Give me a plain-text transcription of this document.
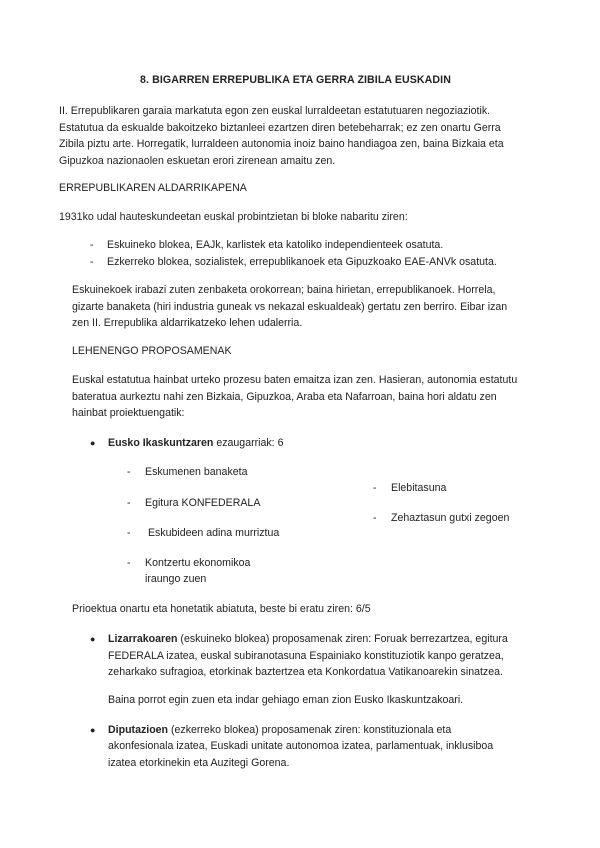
8. BIGARREN ERREPUBLIKA ETA GERRA ZIBILA EUSKADIN
II. Errepublikaren garaia markatuta egon zen euskal lurraldeetan estatutuaren negoziaziotik.
Estatutua da eskualde bakoitzeko biztanleei ezartzen diren betebeharrak; ez zen onartu Gerra
Zibila piztu arte. Horregatik, lurraldeen autonomia inoiz baino handiagoa zen, baina Bizkaia eta
Gipuzkoa nazionaolen eskuetan erori zirenean amaitu zen.
ERREPUBLIKAREN ALDARRIKAPENA
1931ko udal hauteskundeetan euskal probintzietan bi bloke nabaritu ziren:
- Eskuineko blokea, EAJk, karlistek eta katoliko independienteek osatuta.
- Ezkerreko blokea, sozialistek, errepublikanoek eta Gipuzkoako EAE-ANVk osatuta.
Eskuinekoek irabazi zuten zenbaketa orokorrean; baina hirietan, errepublikanoek. Horrela,
gizarte banaketa (hiri industria guneak vs nekazal eskualdeak) gertatu zen berriro. Eibar izan
zen II. Errepublika aldarrikatzeko lehen udalerria.
LEHENENGO PROPOSAMENAK
Euskal estatutua hainbat urteko prozesu baten emaitza izan zen. Hasieran, autonomia estatutu
bateratua aurkeztu nahi zen Bizkaia, Gipuzkoa, Araba eta Nafarroan, baina hori aldatu zen
hainbat proiektuengatik:
● Eusko Ikaskuntzaren ezaugarriak: 6
- Eskumenen banaketa
- Egitura KONFEDERALA
- Eskubideen adina murriztua
- Kontzertu ekonomikoa
iraungo zuen
- Elebitasuna
- Zehaztasun gutxi zegoen
Prioektua onartu eta honetatik abiatuta, beste bi eratu ziren: 6/5
● Lizarrakoaren (eskuineko blokea) proposamenak ziren: Foruak berrezartzea, egitura
FEDERALA izatea, euskal subiranotasuna Espainiako konstituziotik kanpo geratzea,
zeharkako sufragioa, etorkinak baztertzea eta Konkordatua Vatikanoarekin sinatzea.
Baina porrot egin zuen eta indar gehiago eman zion Eusko Ikaskuntzakoari.
● Diputazioen (ezkerreko blokea) proposamenak ziren: konstituzionala eta
akonfesionala izatea, Euskadi unitate autonomoa izatea, parlamentuak, inklusiboa
izatea etorkinekin eta Auzitegi Gorena.
